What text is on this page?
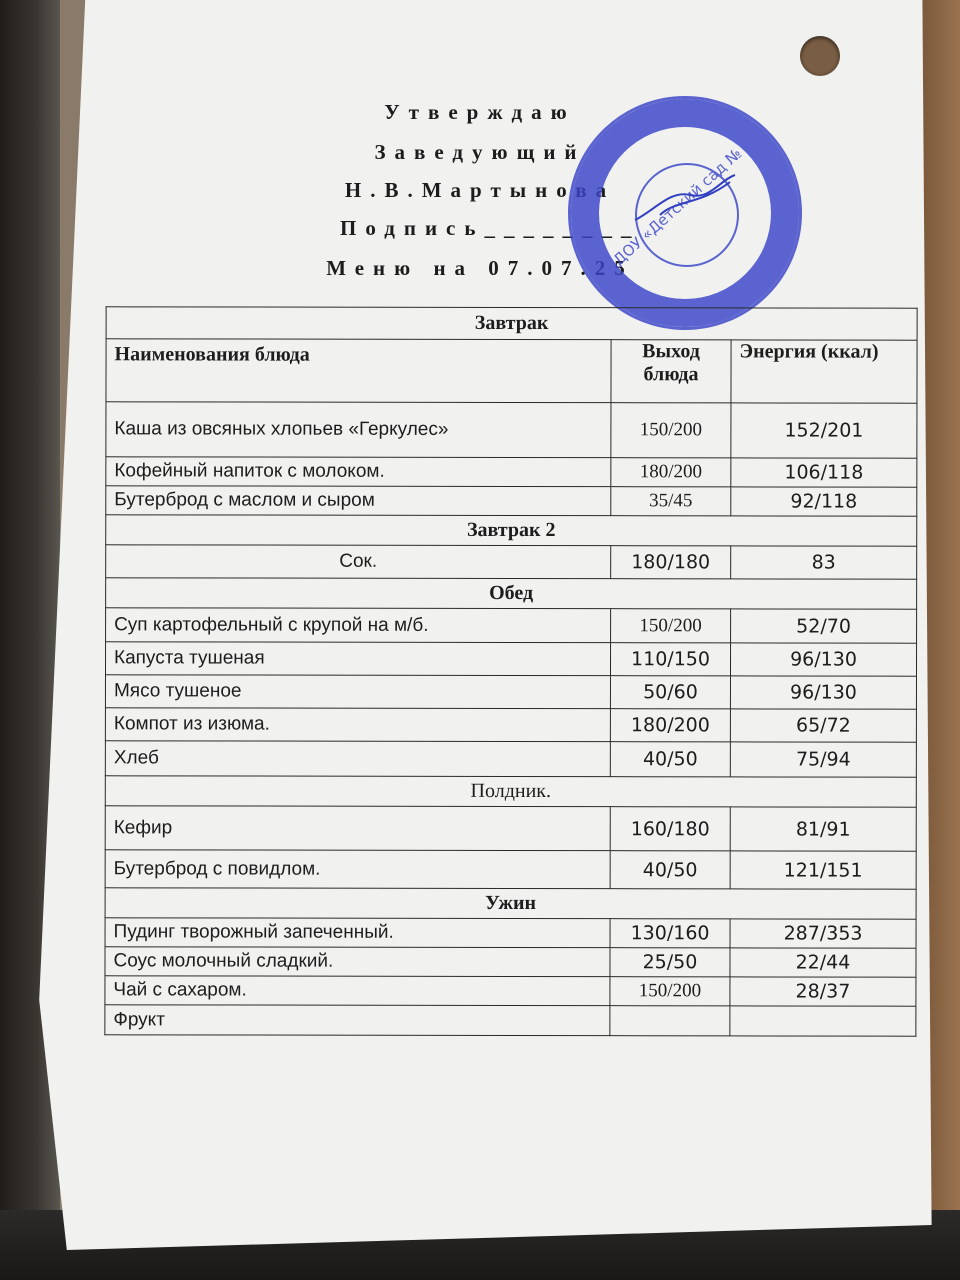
Утверждаю
Заведующий
Н.В.Мартынова
Подпись________
Меню на 07.07.25
МДОУ «Детский сад № 21»
Завтрак		
Наименования блюда	Выход блюда	Энергия (ккал)
Каша из овсяных хлопьев «Геркулес»	150/200	152/201
Кофейный напиток с молоком.	180/200	106/118
Бутерброд с маслом и сыром	35/45	92/118
Завтрак 2		
Сок.	180/180	83
Обед		
Суп картофельный с крупой на м/б.	150/200	52/70
Капуста тушеная	110/150	96/130
Мясо тушеное	50/60	96/130
Компот из изюма.	180/200	65/72
Хлеб	40/50	75/94
Полдник.		
Кефир	160/180	81/91
Бутерброд с повидлом.	40/50	121/151
Ужин		
Пудинг творожный запеченный.	130/160	287/353
Соус молочный сладкий.	25/50	22/44
Чай с сахаром.	150/200	28/37
Фрукт		
